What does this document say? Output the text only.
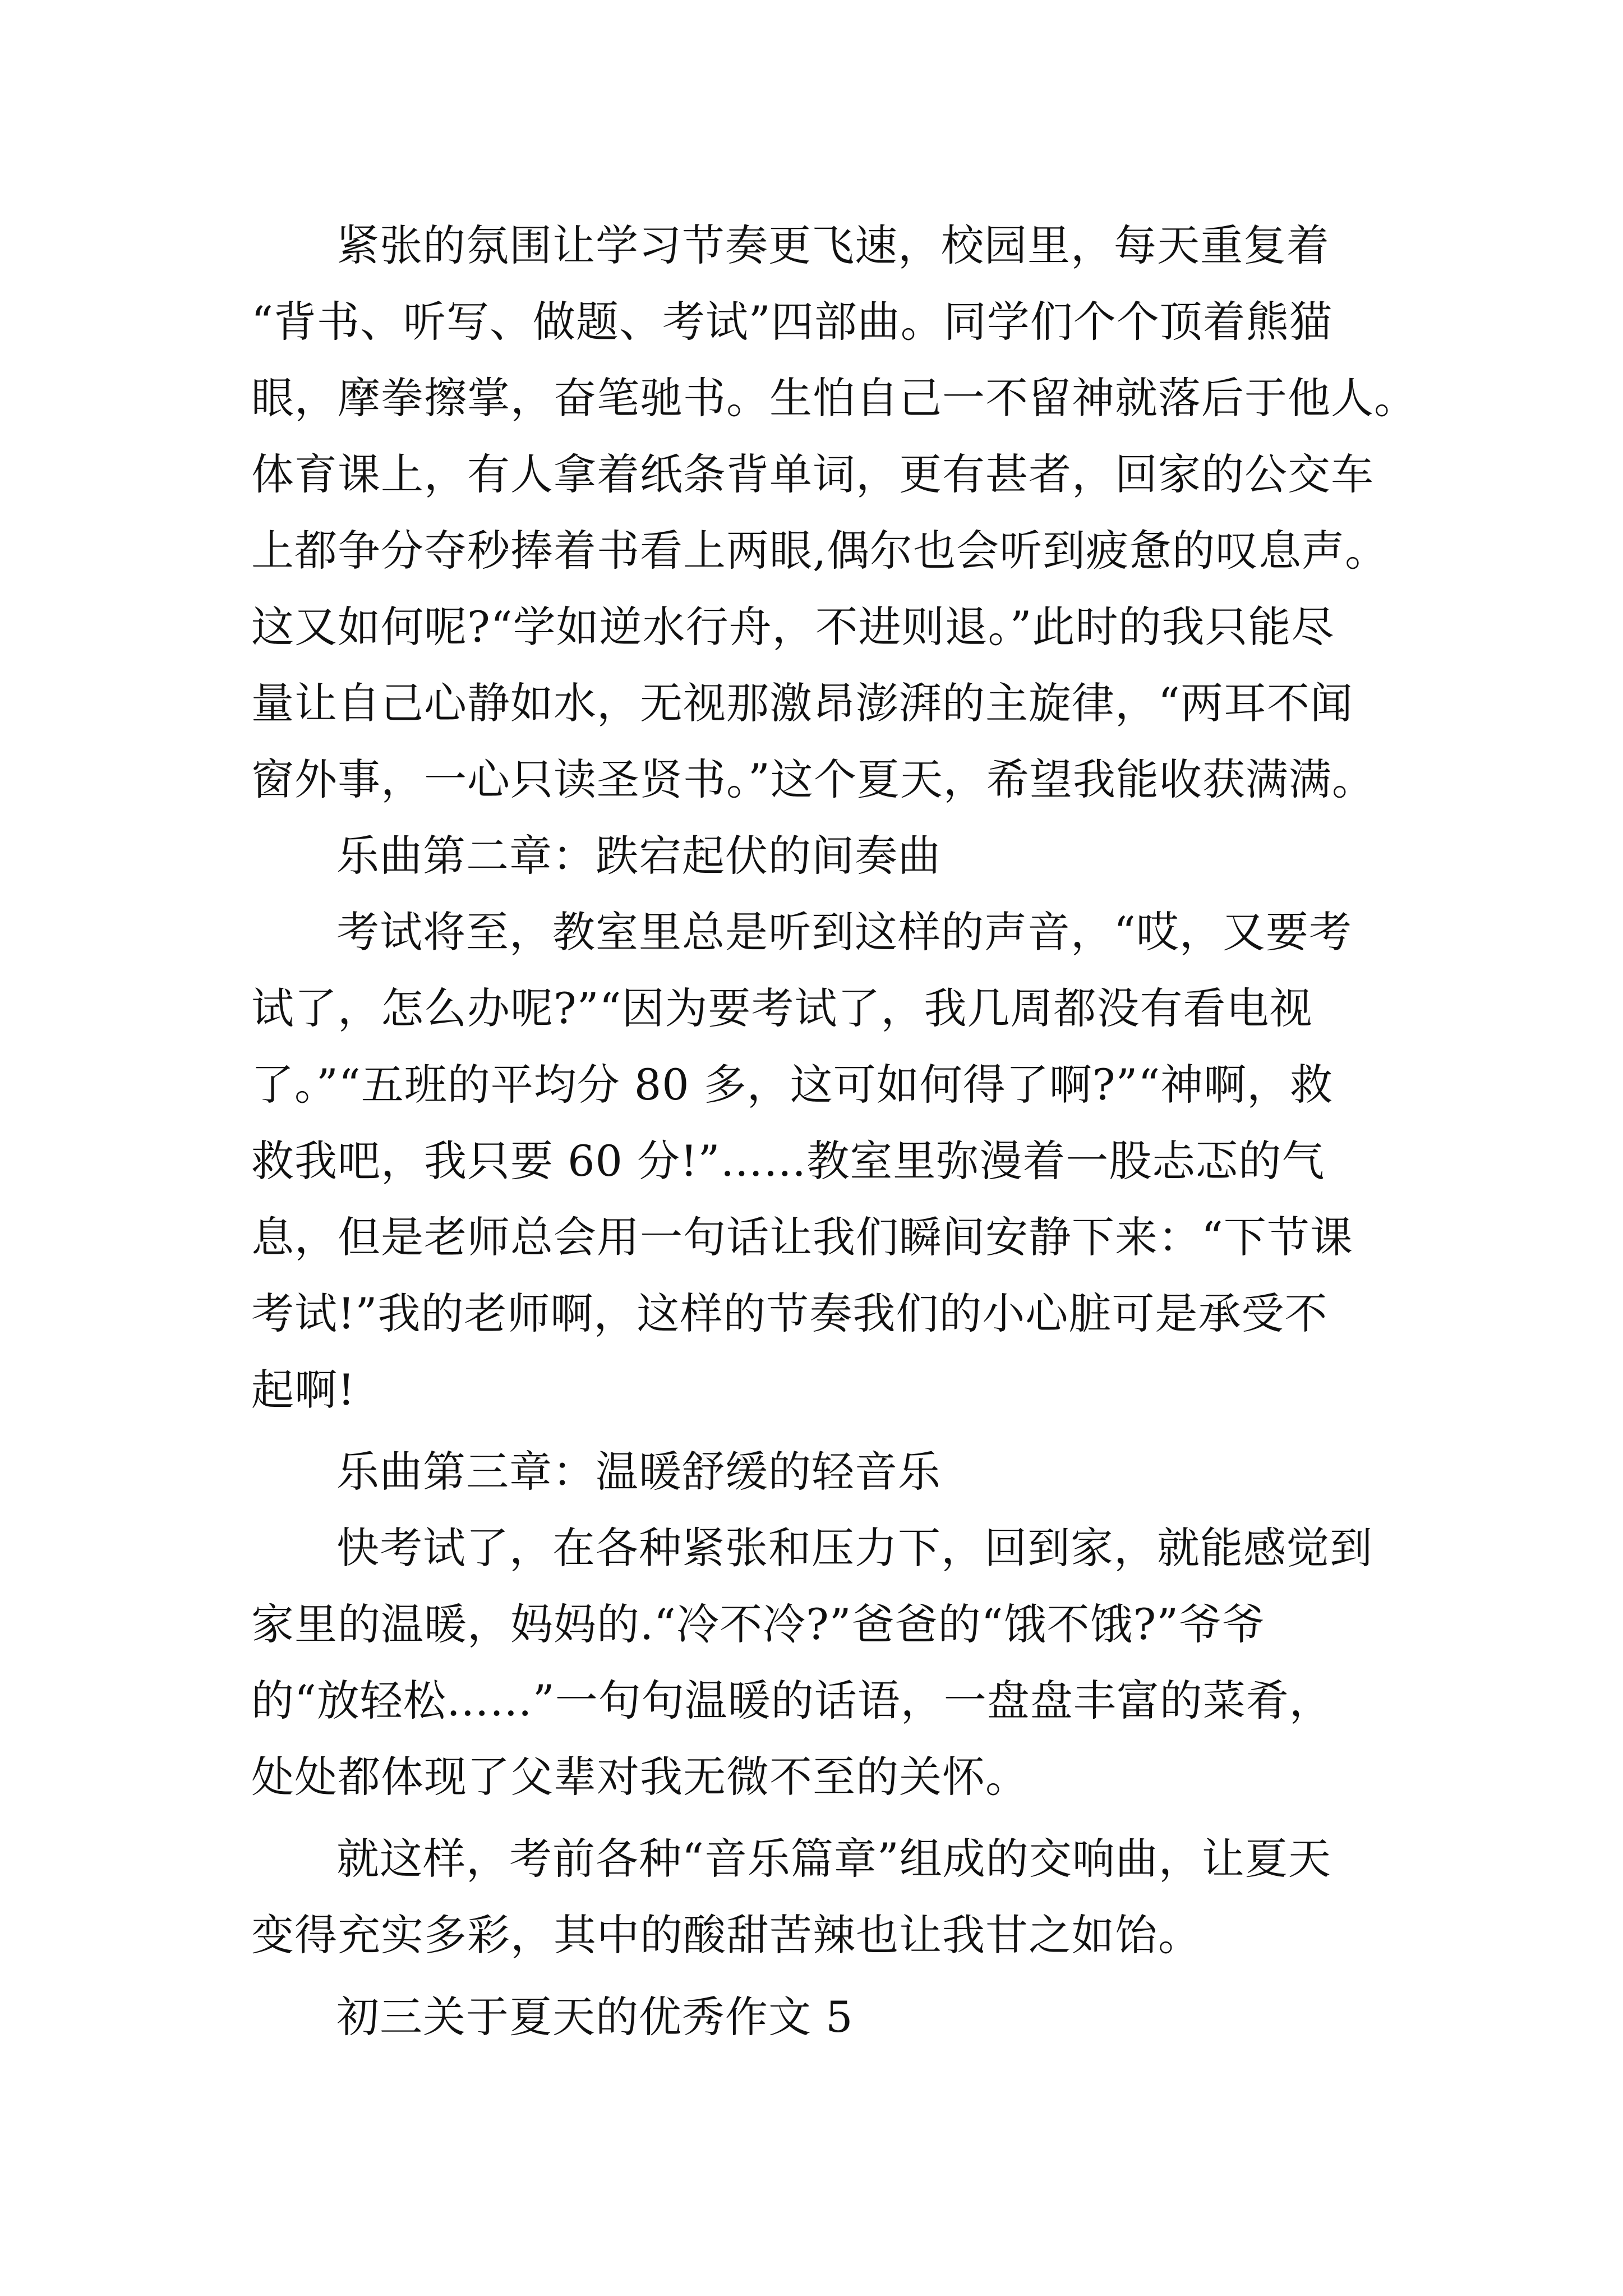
紧张的氛围让学习节奏更飞速，校园里，每天重复着
“背书、听写、做题、考试”四部曲。同学们个个顶着熊猫
眼，摩拳擦掌，奋笔驰书。生怕自己一不留神就落后于他人。
体育课上，有人拿着纸条背单词，更有甚者，回家的公交车
上都争分夺秒捧着书看上两眼,偶尔也会听到疲惫的叹息声。
这又如何呢?“学如逆水行舟，不进则退。”此时的我只能尽
量让自己心静如水，无视那激昂澎湃的主旋律，“两耳不闻
窗外事，一心只读圣贤书。”这个夏天，希望我能收获满满。
乐曲第二章：跌宕起伏的间奏曲
考试将至，教室里总是听到这样的声音，“哎，又要考
试了，怎么办呢?”“因为要考试了，我几周都没有看电视
了。”“五班的平均分 80 多，这可如何得了啊?”“神啊，救
救我吧，我只要 60 分!”……教室里弥漫着一股忐忑的气
息，但是老师总会用一句话让我们瞬间安静下来：“下节课
考试!”我的老师啊，这样的节奏我们的小心脏可是承受不
起啊!
乐曲第三章：温暖舒缓的轻音乐
快考试了，在各种紧张和压力下，回到家，就能感觉到
家里的温暖，妈妈的.“冷不冷?”爸爸的“饿不饿?”爷爷
的“放轻松……”一句句温暖的话语，一盘盘丰富的菜肴，
处处都体现了父辈对我无微不至的关怀。
就这样，考前各种“音乐篇章”组成的交响曲，让夏天
变得充实多彩，其中的酸甜苦辣也让我甘之如饴。
初三关于夏天的优秀作文 5
